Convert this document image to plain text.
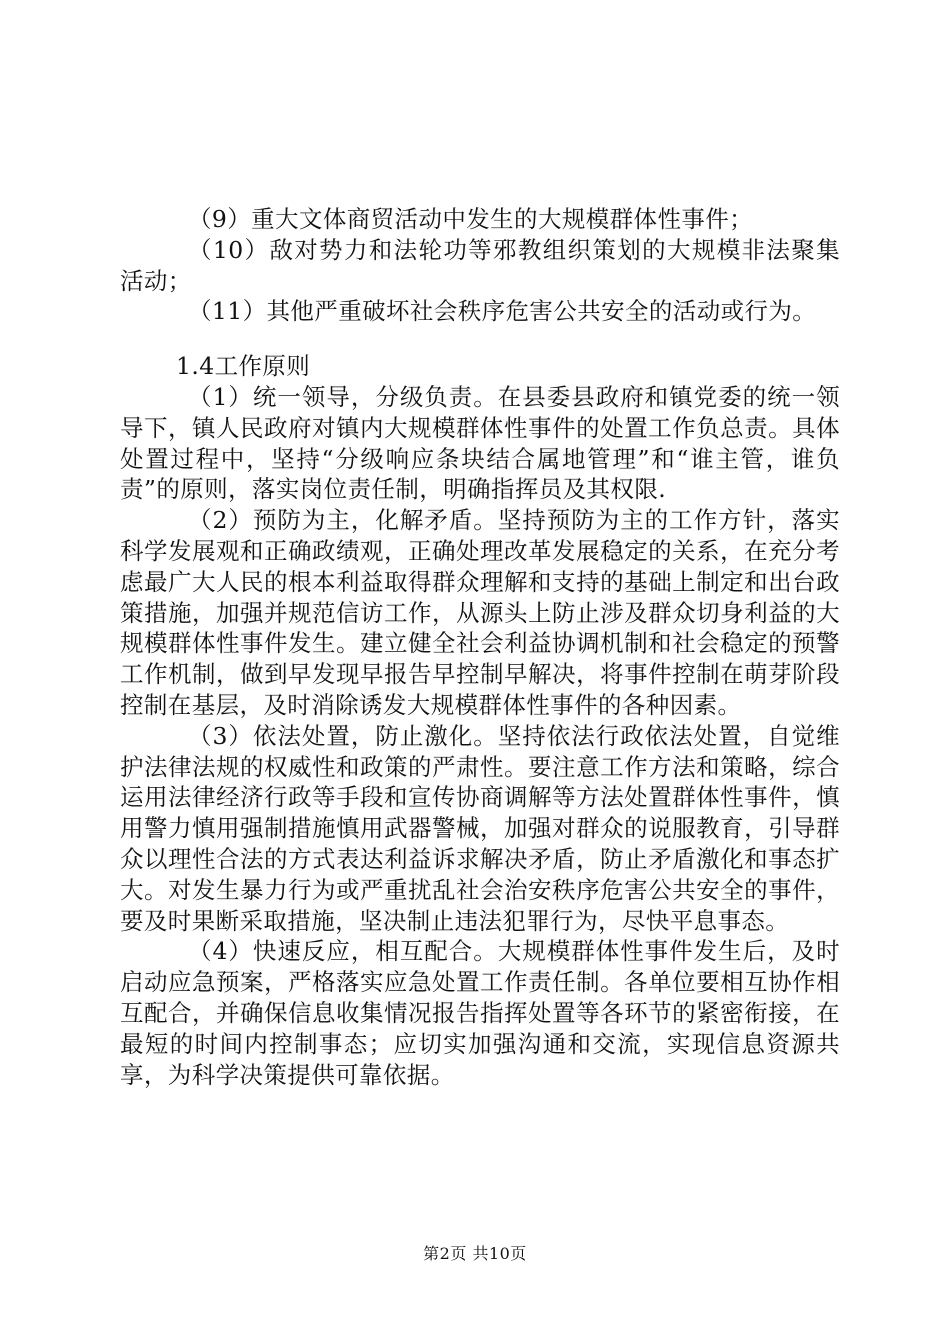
（9）重大文体商贸活动中发生的大规模群体性事件；

（10）敌对势力和法轮功等邪教组织策划的大规模非法聚集活动；

（11）其他严重破坏社会秩序危害公共安全的活动或行为。

1.4工作原则

（1）统一领导，分级负责。在县委县政府和镇党委的统一领导下，镇人民政府对镇内大规模群体性事件的处置工作负总责。具体处置过程中，坚持“分级响应条块结合属地管理”和“谁主管，谁负责”的原则，落实岗位责任制，明确指挥员及其权限.

（2）预防为主，化解矛盾。坚持预防为主的工作方针，落实科学发展观和正确政绩观，正确处理改革发展稳定的关系，在充分考虑最广大人民的根本利益取得群众理解和支持的基础上制定和出台政策措施，加强并规范信访工作，从源头上防止涉及群众切身利益的大规模群体性事件发生。建立健全社会利益协调机制和社会稳定的预警工作机制，做到早发现早报告早控制早解决，将事件控制在萌芽阶段控制在基层，及时消除诱发大规模群体性事件的各种因素。

（3）依法处置，防止激化。坚持依法行政依法处置，自觉维护法律法规的权威性和政策的严肃性。要注意工作方法和策略，综合运用法律经济行政等手段和宣传协商调解等方法处置群体性事件，慎用警力慎用强制措施慎用武器警械，加强对群众的说服教育，引导群众以理性合法的方式表达利益诉求解决矛盾，防止矛盾激化和事态扩大。对发生暴力行为或严重扰乱社会治安秩序危害公共安全的事件，要及时果断采取措施，坚决制止违法犯罪行为，尽快平息事态。

（4）快速反应，相互配合。大规模群体性事件发生后，及时启动应急预案，严格落实应急处置工作责任制。各单位要相互协作相互配合，并确保信息收集情况报告指挥处置等各环节的紧密衔接，在最短的时间内控制事态；应切实加强沟通和交流，实现信息资源共享，为科学决策提供可靠依据。

第2页 共10页
